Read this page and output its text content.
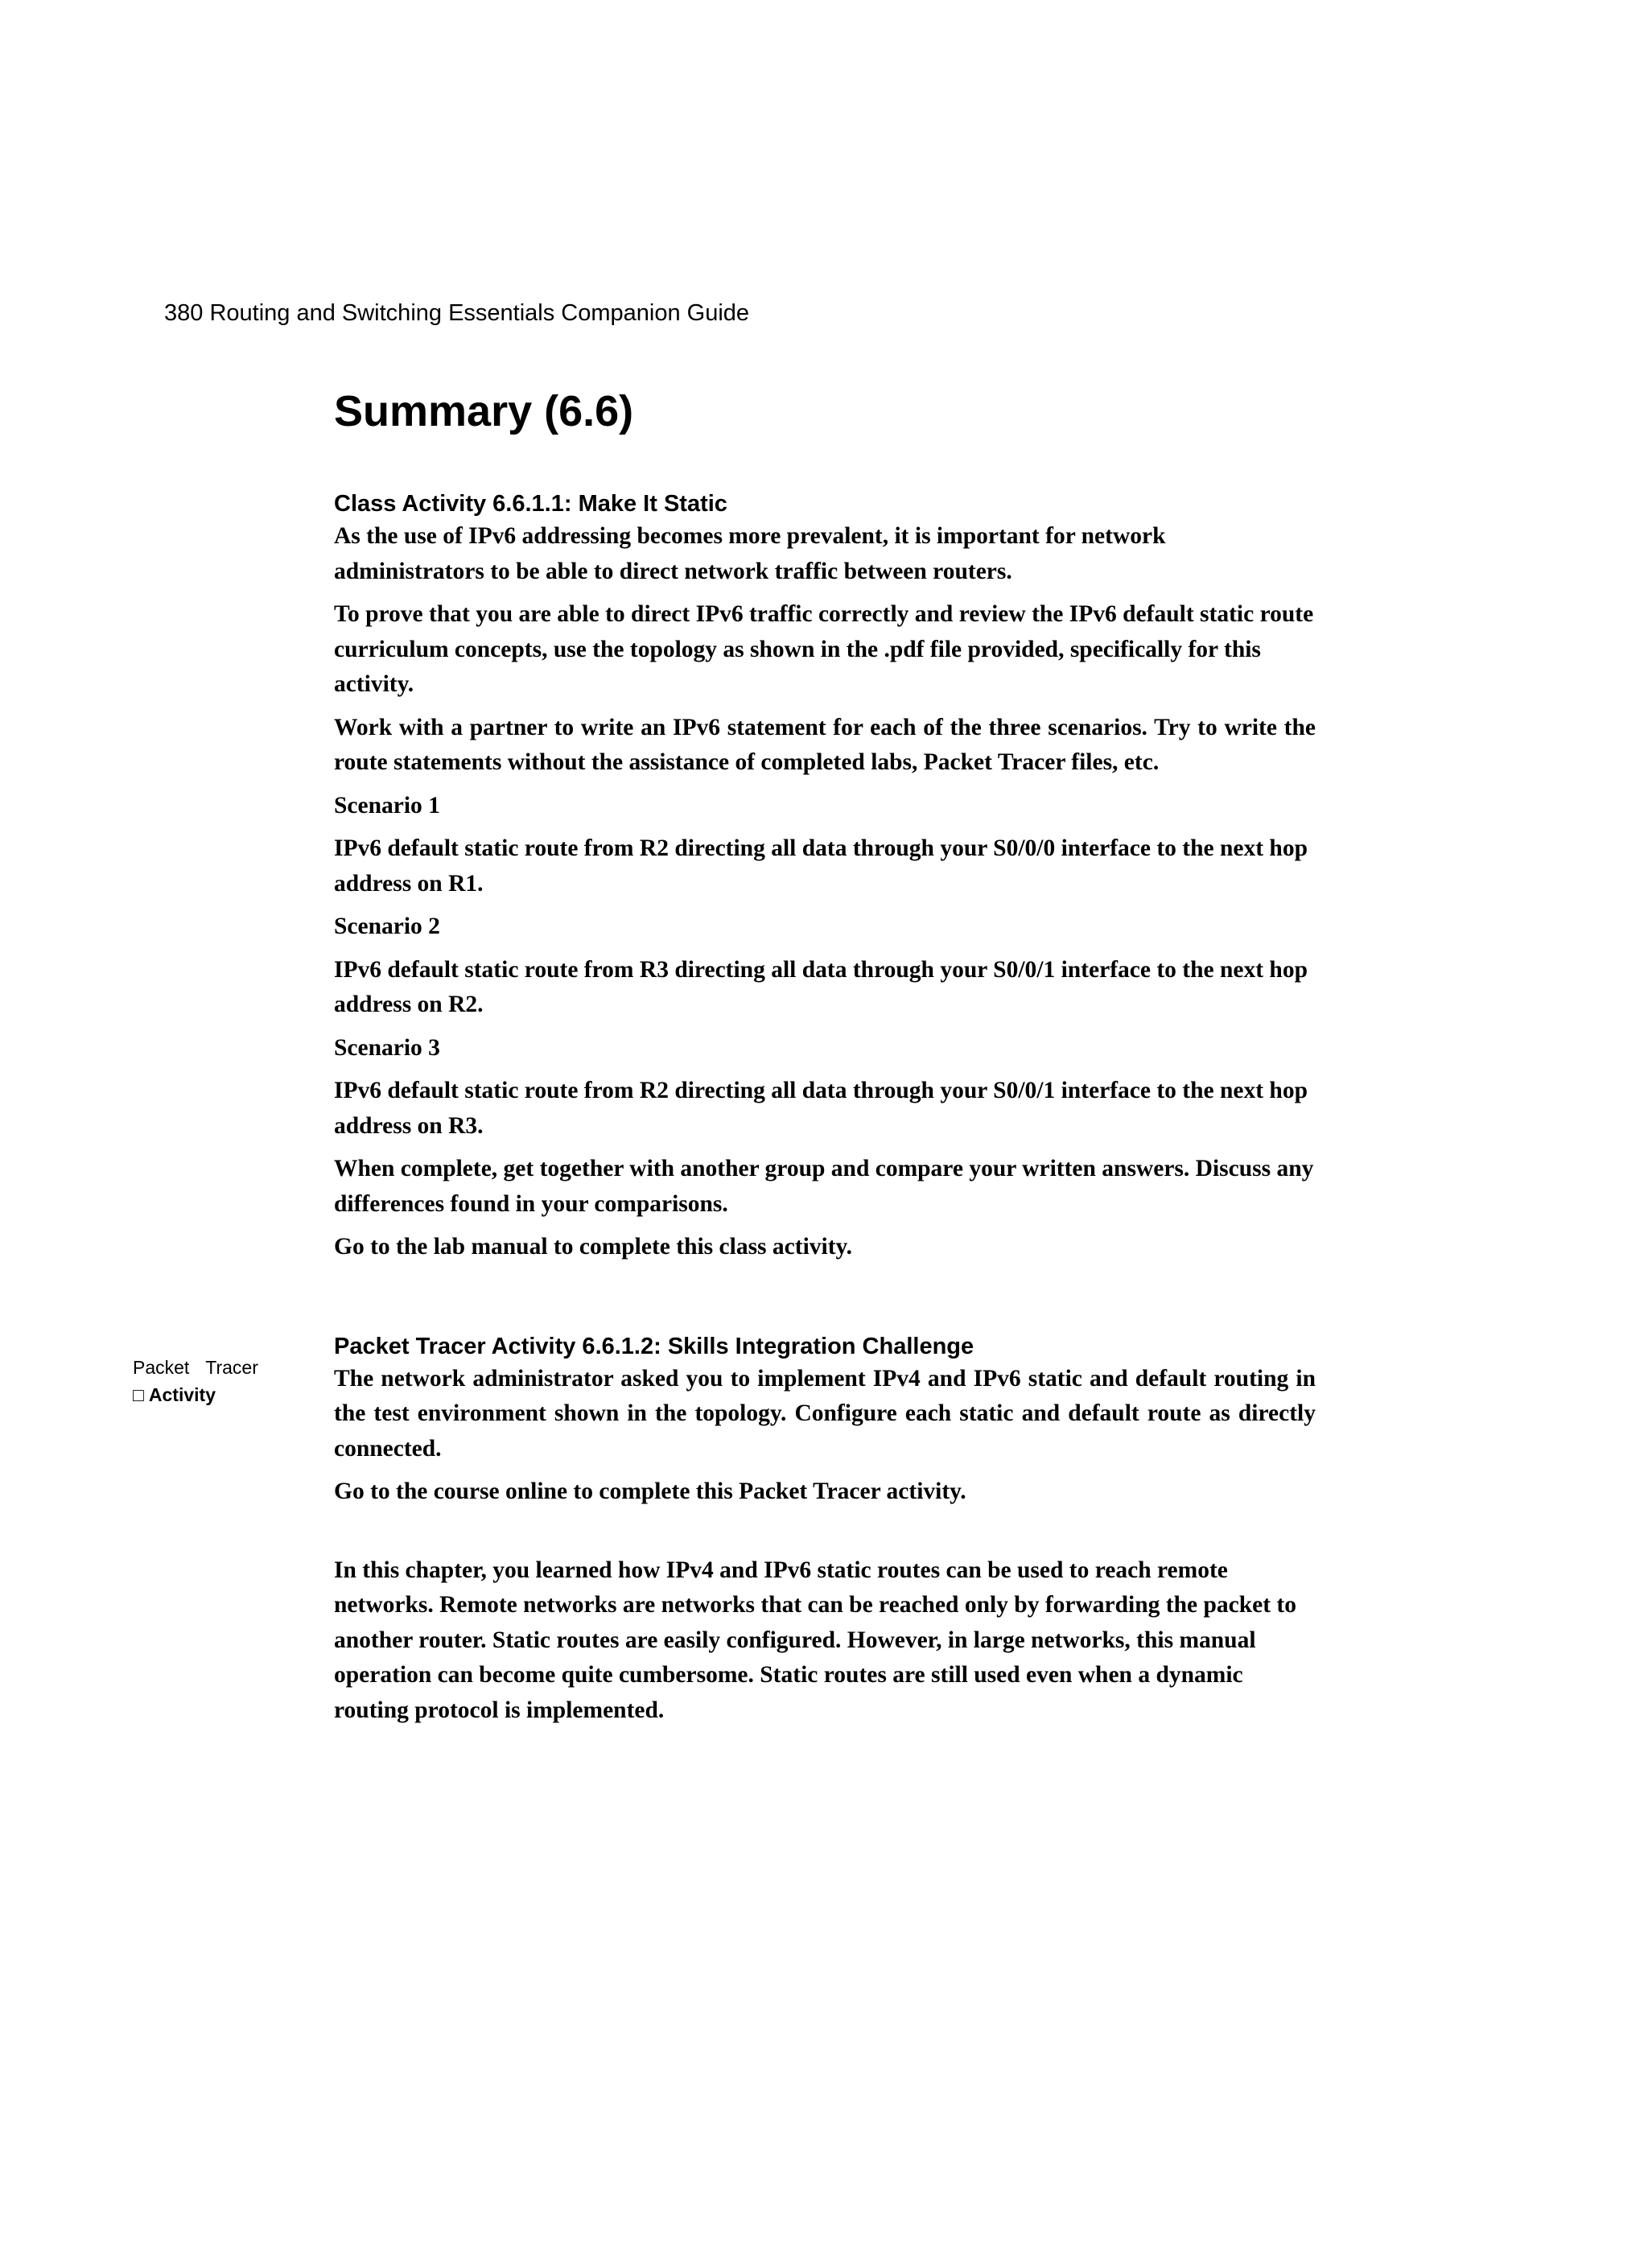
380 Routing and Switching Essentials Companion Guide
Packet Tracer
□ Activity
Summary (6.6)
Class Activity 6.6.1.1: Make It Static

As the use of IPv6 addressing becomes more prevalent, it is important for network administrators to be able to direct network traffic between routers.

To prove that you are able to direct IPv6 traffic correctly and review the IPv6 default static route curriculum concepts, use the topology as shown in the .pdf file provided, specifically for this activity.

Work with a partner to write an IPv6 statement for each of the three scenarios. Try to write the route statements without the assistance of completed labs, Packet Tracer files, etc.

Scenario 1

IPv6 default static route from R2 directing all data through your S0/0/0 interface to the next hop address on R1.

Scenario 2

IPv6 default static route from R3 directing all data through your S0/0/1 interface to the next hop address on R2.

Scenario 3

IPv6 default static route from R2 directing all data through your S0/0/1 interface to the next hop address on R3.

When complete, get together with another group and compare your written answers. Discuss any differences found in your comparisons.

Go to the lab manual to complete this class activity.

Packet Tracer Activity 6.6.1.2: Skills Integration Challenge

The network administrator asked you to implement IPv4 and IPv6 static and default routing in the test environment shown in the topology. Configure each static and default route as directly connected.

Go to the course online to complete this Packet Tracer activity.

In this chapter, you learned how IPv4 and IPv6 static routes can be used to reach remote networks. Remote networks are networks that can be reached only by forwarding the packet to another router. Static routes are easily configured. However, in large networks, this manual operation can become quite cumbersome. Static routes are still used even when a dynamic routing protocol is implemented.
